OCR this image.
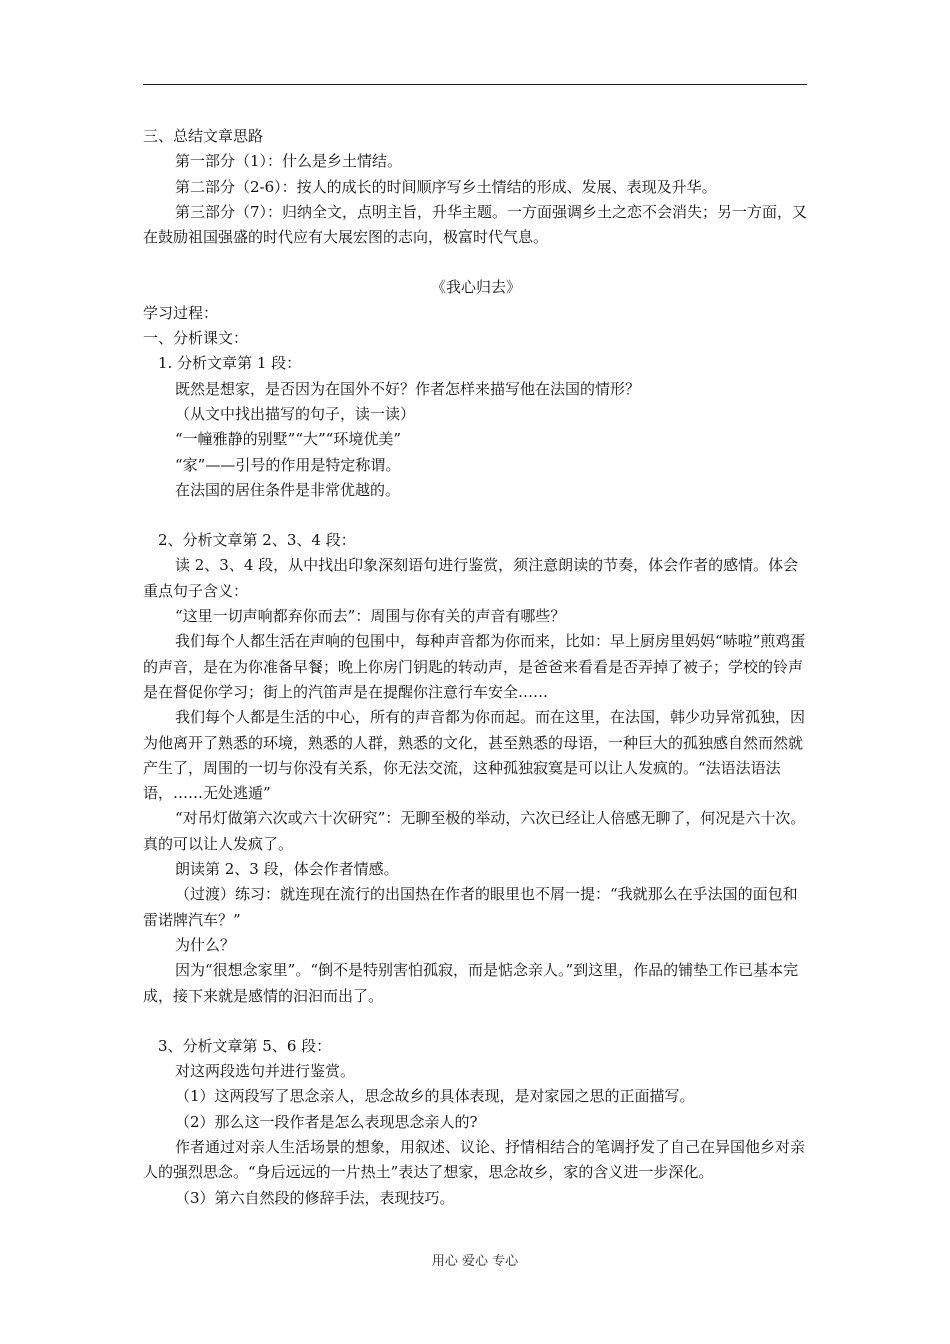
三、总结文章思路
第一部分（1）：什么是乡土情结。
第二部分（2-6）：按人的成长的时间顺序写乡土情结的形成、发展、表现及升华。
第三部分（7）：归纳全文，点明主旨，升华主题。一方面强调乡土之恋不会消失；另一方面，又在鼓励祖国强盛的时代应有大展宏图的志向，极富时代气息。
《我心归去》
学习过程：
一、分析课文：
1. 分析文章第 1 段：
既然是想家，是否因为在国外不好？作者怎样来描写他在法国的情形？
（从文中找出描写的句子，读一读）
“一幢雅静的别墅”“大”“环境优美”
“家”——引号的作用是特定称谓。
在法国的居住条件是非常优越的。
2、分析文章第 2、3、4 段：
读 2、3、4 段，从中找出印象深刻语句进行鉴赏，须注意朗读的节奏，体会作者的感情。体会重点句子含义：
“这里一切声响都弃你而去”：周围与你有关的声音有哪些？
我们每个人都生活在声响的包围中，每种声音都为你而来，比如：早上厨房里妈妈“哧啦”煎鸡蛋的声音，是在为你准备早餐；晚上你房门钥匙的转动声，是爸爸来看看是否弄掉了被子；学校的铃声是在督促你学习；街上的汽笛声是在提醒你注意行车安全……
我们每个人都是生活的中心，所有的声音都为你而起。而在这里，在法国，韩少功异常孤独，因为他离开了熟悉的环境，熟悉的人群，熟悉的文化，甚至熟悉的母语，一种巨大的孤独感自然而然就产生了，周围的一切与你没有关系，你无法交流，这种孤独寂寞是可以让人发疯的。“法语法语法语，……无处逃遁”
“对吊灯做第六次或六十次研究”：无聊至极的举动，六次已经让人倍感无聊了，何况是六十次。真的可以让人发疯了。
朗读第 2、3 段，体会作者情感。
（过渡）练习：就连现在流行的出国热在作者的眼里也不屑一提：“我就那么在乎法国的面包和雷诺牌汽车？”
为什么？
因为“很想念家里”。“倒不是特别害怕孤寂，而是惦念亲人。”到这里，作品的铺垫工作已基本完成，接下来就是感情的汩汩而出了。
3、分析文章第 5、6 段：
对这两段选句并进行鉴赏。
（1）这两段写了思念亲人，思念故乡的具体表现，是对家园之思的正面描写。
（2）那么这一段作者是怎么表现思念亲人的?
作者通过对亲人生活场景的想象，用叙述、议论、抒情相结合的笔调抒发了自己在异国他乡对亲人的强烈思念。“身后远远的一片热土”表达了想家，思念故乡，家的含义进一步深化。
（3）第六自然段的修辞手法，表现技巧。
用心 爱心 专心
